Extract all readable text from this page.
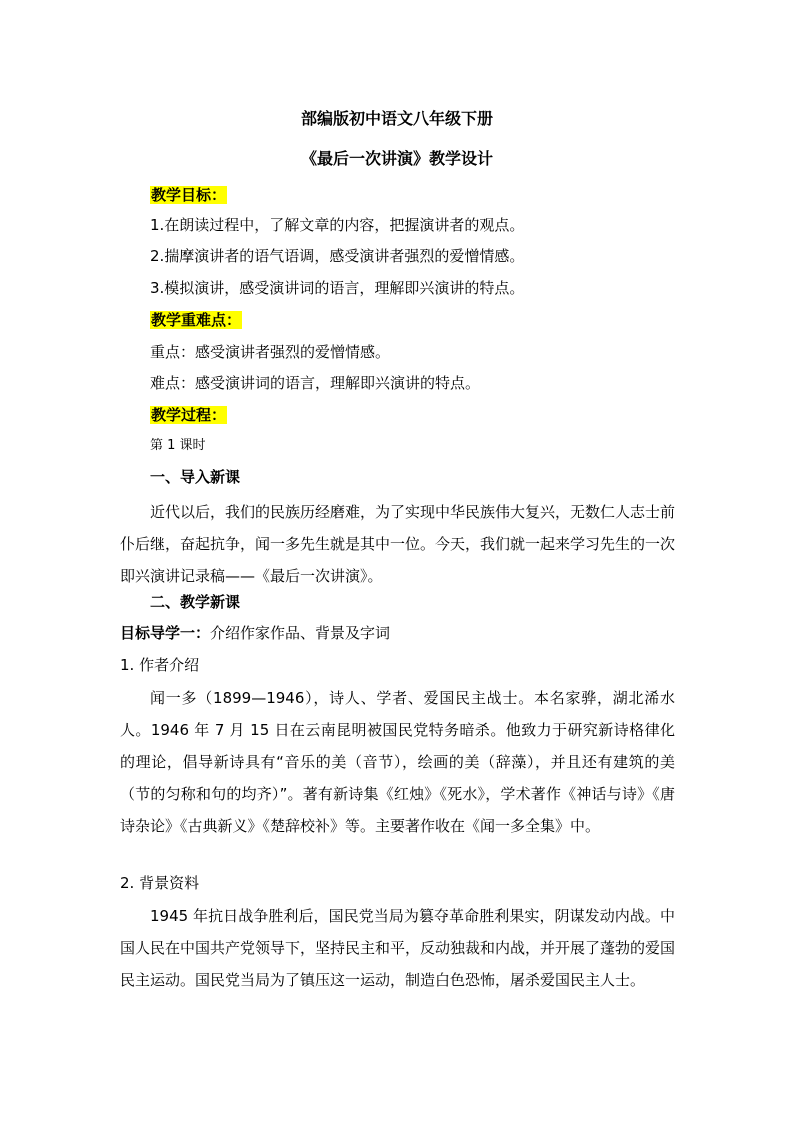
部编版初中语文八年级下册
《最后一次讲演》教学设计
教学目标：
1.在朗读过程中，了解文章的内容，把握演讲者的观点。
2.揣摩演讲者的语气语调，感受演讲者强烈的爱憎情感。
3.模拟演讲，感受演讲词的语言，理解即兴演讲的特点。
教学重难点：
重点：感受演讲者强烈的爱憎情感。
难点：感受演讲词的语言，理解即兴演讲的特点。
教学过程：
第 1 课时
一、导入新课
近代以后，我们的民族历经磨难，为了实现中华民族伟大复兴，无数仁人志士前仆后继，奋起抗争，闻一多先生就是其中一位。今天，我们就一起来学习先生的一次即兴演讲记录稿——《最后一次讲演》。
二、教学新课
目标导学一：介绍作家作品、背景及字词
1. 作者介绍
闻一多（1899—1946），诗人、学者、爱国民主战士。本名家骅，湖北浠水人。1946 年 7 月 15 日在云南昆明被国民党特务暗杀。他致力于研究新诗格律化的理论，倡导新诗具有“音乐的美（音节），绘画的美（辞藻），并且还有建筑的美（节的匀称和句的均齐）”。著有新诗集《红烛》《死水》，学术著作《神话与诗》《唐诗杂论》《古典新义》《楚辞校补》等。主要著作收在《闻一多全集》中。
2. 背景资料
1945 年抗日战争胜利后，国民党当局为篡夺革命胜利果实，阴谋发动内战。中国人民在中国共产党领导下，坚持民主和平，反动独裁和内战，并开展了蓬勃的爱国民主运动。国民党当局为了镇压这一运动，制造白色恐怖，屠杀爱国民主人士。
